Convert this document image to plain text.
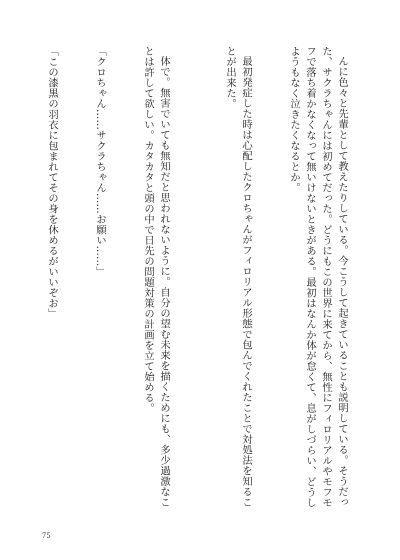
んに色々と先輩として教えたりしている。今こうして起きていることも説明している。そうだった、サクラちゃんには初めてだった。どうにもこの世界に来てから、無性にフィロリアルやモフモフで落ち着かなくなって無いけないときがある。最初はなんか体が怠くて、息がしづらい、どうしようもなく泣きたくなるとか。

最初発症した時は心配したクロちゃんがフィロリアル形態で包んでくれたことで対処法を知ることが出来た。

体で。無害でいても無知だと思われないように。自分の望む未来を描くためにも、多少過激なことは許して欲しい。カタカタと頭の中で日先の問題対策の計画を立て始める。

「クロちゃん……サクラちゃん……お願い……」

「この漆黒の羽衣に包まれてその身を休めるがいいぞお」

75
